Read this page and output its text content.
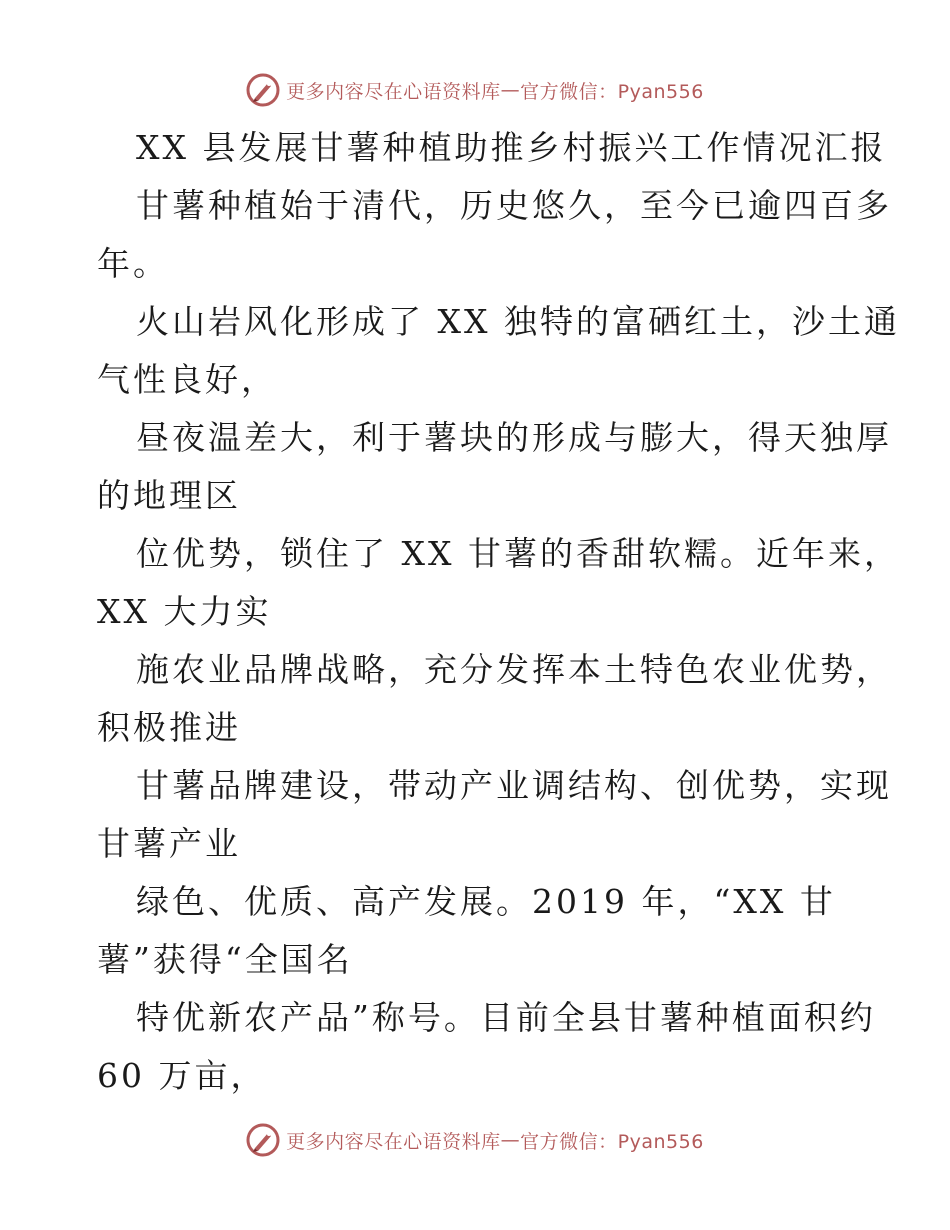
更多内容尽在心语资料库 — 官方微信：Pyan556
XX 县发展甘薯种植助推乡村振兴工作情况汇报
甘薯种植始于清代，历史悠久，至今已逾四百多
年。
火山岩风化形成了 XX 独特的富硒红土，沙土通
气性良好，
昼夜温差大，利于薯块的形成与膨大，得天独厚
的地理区
位优势，锁住了 XX 甘薯的香甜软糯。近年来，
XX 大力实
施农业品牌战略，充分发挥本土特色农业优势，
积极推进
甘薯品牌建设，带动产业调结构、创优势，实现
甘薯产业
绿色、优质、高产发展。2019 年，“XX 甘
薯”获得“全国名
特优新农产品”称号。目前全县甘薯种植面积约
60 万亩，
更多内容尽在心语资料库 — 官方微信：Pyan556
